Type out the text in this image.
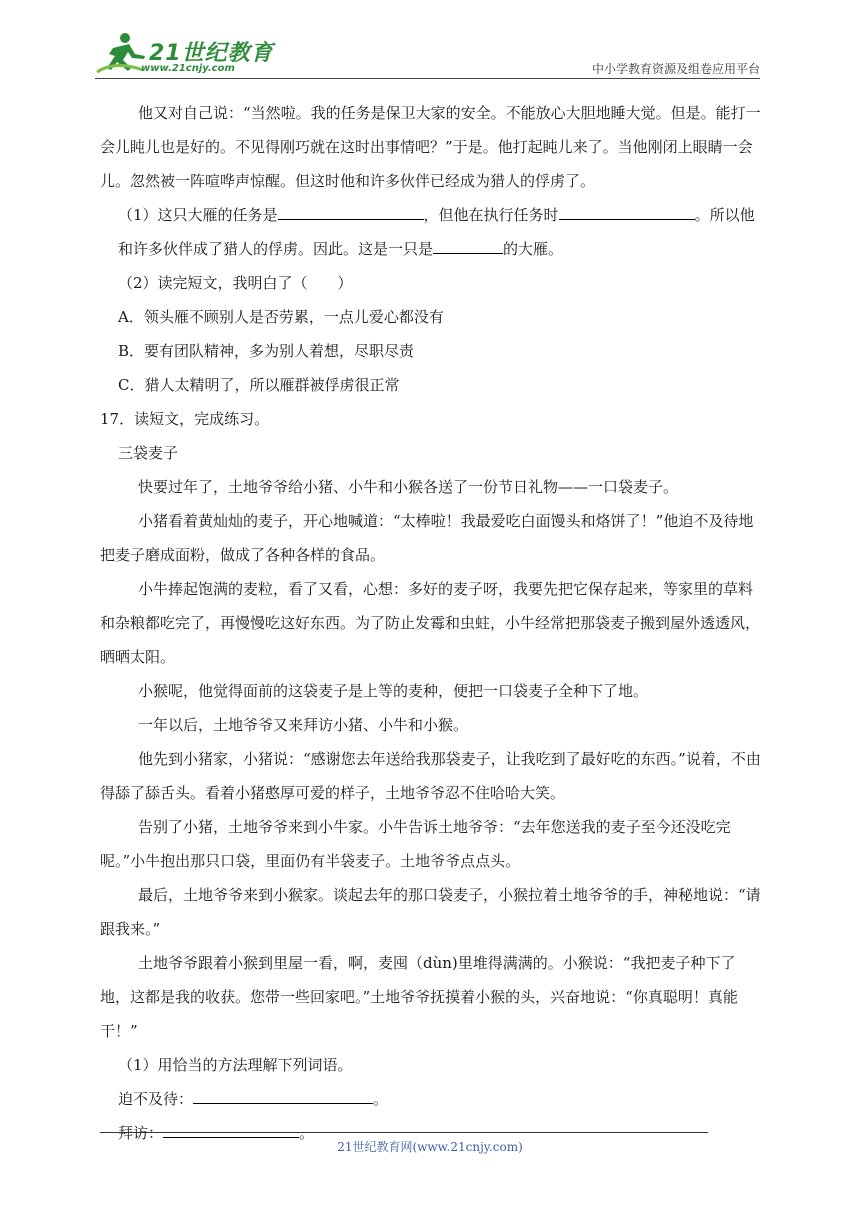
21世纪教育
www.21cnjy.com	中小学教育资源及组卷应用平台

他又对自己说：“当然啦。我的任务是保卫大家的安全。不能放心大胆地睡大觉。但是。能打一会儿盹儿也是好的。不见得刚巧就在这时出事情吧？”于是。他打起盹儿来了。当他刚闭上眼睛一会儿。忽然被一阵喧哗声惊醒。但这时他和许多伙伴已经成为猎人的俘虏了。

（1）这只大雁的任务是	，但他在执行任务时	。所以他和许多伙伴成了猎人的俘虏。因此。这是一只是	的大雁。

（2）读完短文，我明白了（　　）

A．领头雁不顾别人是否劳累，一点儿爱心都没有

B．要有团队精神，多为别人着想，尽职尽责

C．猎人太精明了，所以雁群被俘虏很正常

17．读短文，完成练习。

三袋麦子

快要过年了，土地爷爷给小猪、小牛和小猴各送了一份节日礼物——一口袋麦子。

小猪看着黄灿灿的麦子，开心地喊道：“太棒啦！我最爱吃白面馒头和烙饼了！”他迫不及待地把麦子磨成面粉，做成了各种各样的食品。

小牛捧起饱满的麦粒，看了又看，心想：多好的麦子呀，我要先把它保存起来，等家里的草料和杂粮都吃完了，再慢慢吃这好东西。为了防止发霉和虫蛀，小牛经常把那袋麦子搬到屋外透透风，晒晒太阳。

小猴呢，他觉得面前的这袋麦子是上等的麦种，便把一口袋麦子全种下了地。

一年以后，土地爷爷又来拜访小猪、小牛和小猴。

他先到小猪家，小猪说：“感谢您去年送给我那袋麦子，让我吃到了最好吃的东西。”说着，不由得舔了舔舌头。看着小猪憨厚可爱的样子，土地爷爷忍不住哈哈大笑。

告别了小猪，土地爷爷来到小牛家。小牛告诉土地爷爷：“去年您送我的麦子至今还没吃完呢。”小牛抱出那只口袋，里面仍有半袋麦子。土地爷爷点点头。

最后，土地爷爷来到小猴家。谈起去年的那口袋麦子，小猴拉着土地爷爷的手，神秘地说：“请跟我来。”

土地爷爷跟着小猴到里屋一看，啊，麦囤（dùn)里堆得满满的。小猴说：“我把麦子种下了地，这都是我的收获。您带一些回家吧。”土地爷爷抚摸着小猴的头，兴奋地说：“你真聪明！真能干！”

（1）用恰当的方法理解下列词语。

迫不及待：	。

拜访：	。

21世纪教育网(www.21cnjy.com)
